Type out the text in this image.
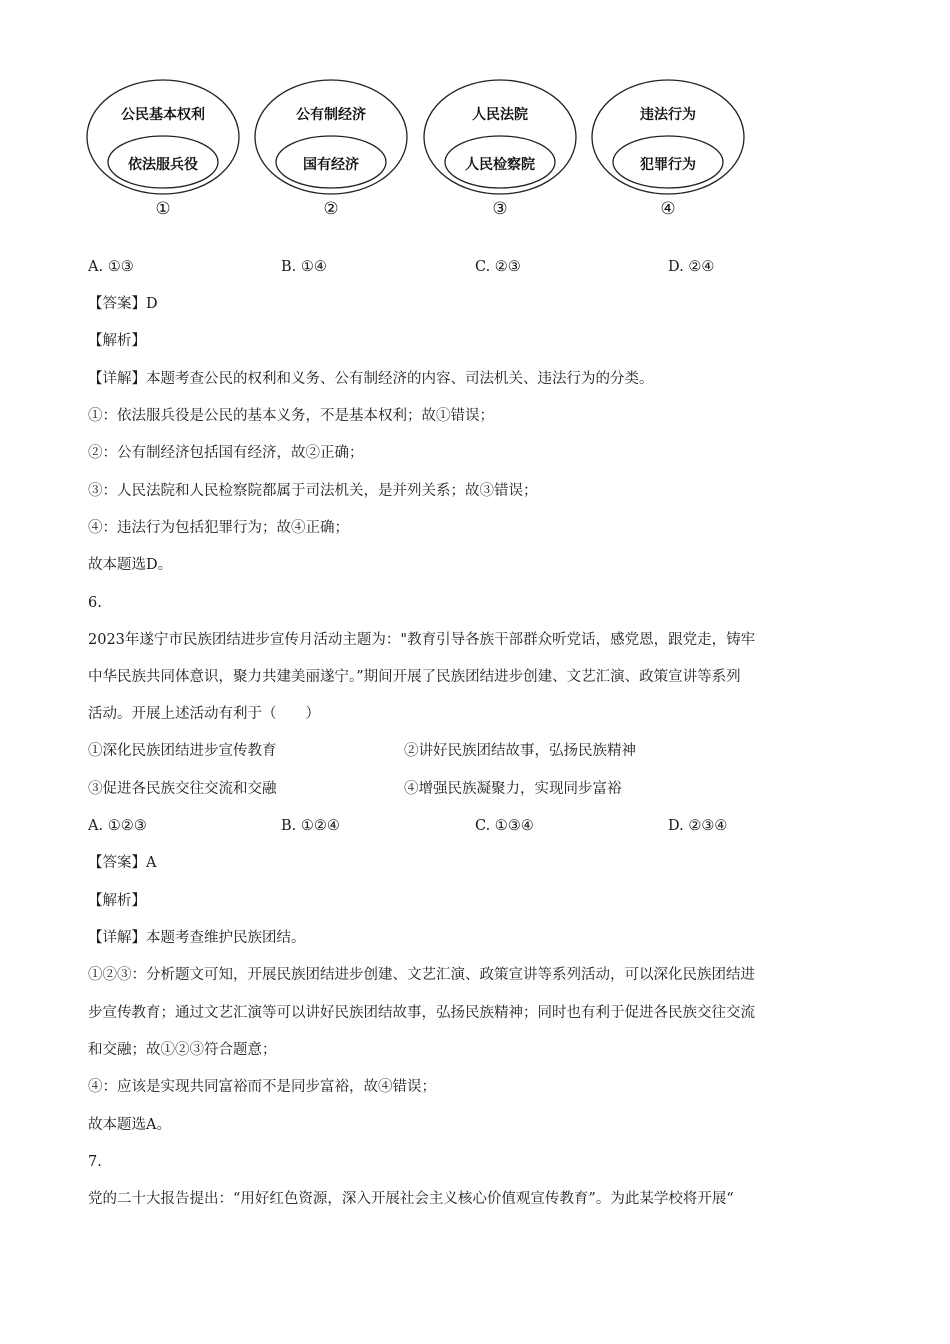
公民基本权利
依法服兵役
①
公有制经济
国有经济
②
人民法院
人民检察院
③
违法行为
犯罪行为
④
A. ①③	B. ①④	C. ②③	D. ②④
【答案】D
【解析】
【详解】本题考查公民的权利和义务、公有制经济的内容、司法机关、违法行为的分类。
①：依法服兵役是公民的基本义务，不是基本权利；故①错误；
②：公有制经济包括国有经济，故②正确；
③：人民法院和人民检察院都属于司法机关，是并列关系；故③错误；
④：违法行为包括犯罪行为；故④正确；
故本题选D。
6.
2023年遂宁市民族团结进步宣传月活动主题为："教育引导各族干部群众听党话，感党恩，跟党走，铸牢
中华民族共同体意识，聚力共建美丽遂宁。”期间开展了民族团结进步创建、文艺汇演、政策宣讲等系列
活动。开展上述活动有利于（　　）
①深化民族团结进步宣传教育	②讲好民族团结故事，弘扬民族精神
③促进各民族交往交流和交融	④增强民族凝聚力，实现同步富裕
A. ①②③	B. ①②④	C. ①③④	D. ②③④
【答案】A
【解析】
【详解】本题考查维护民族团结。
①②③：分析题文可知，开展民族团结进步创建、文艺汇演、政策宣讲等系列活动，可以深化民族团结进
步宣传教育；通过文艺汇演等可以讲好民族团结故事，弘扬民族精神；同时也有利于促进各民族交往交流
和交融；故①②③符合题意；
④：应该是实现共同富裕而不是同步富裕，故④错误；
故本题选A。
7.
党的二十大报告提出：“用好红色资源，深入开展社会主义核心价值观宣传教育”。为此某学校将开展“
